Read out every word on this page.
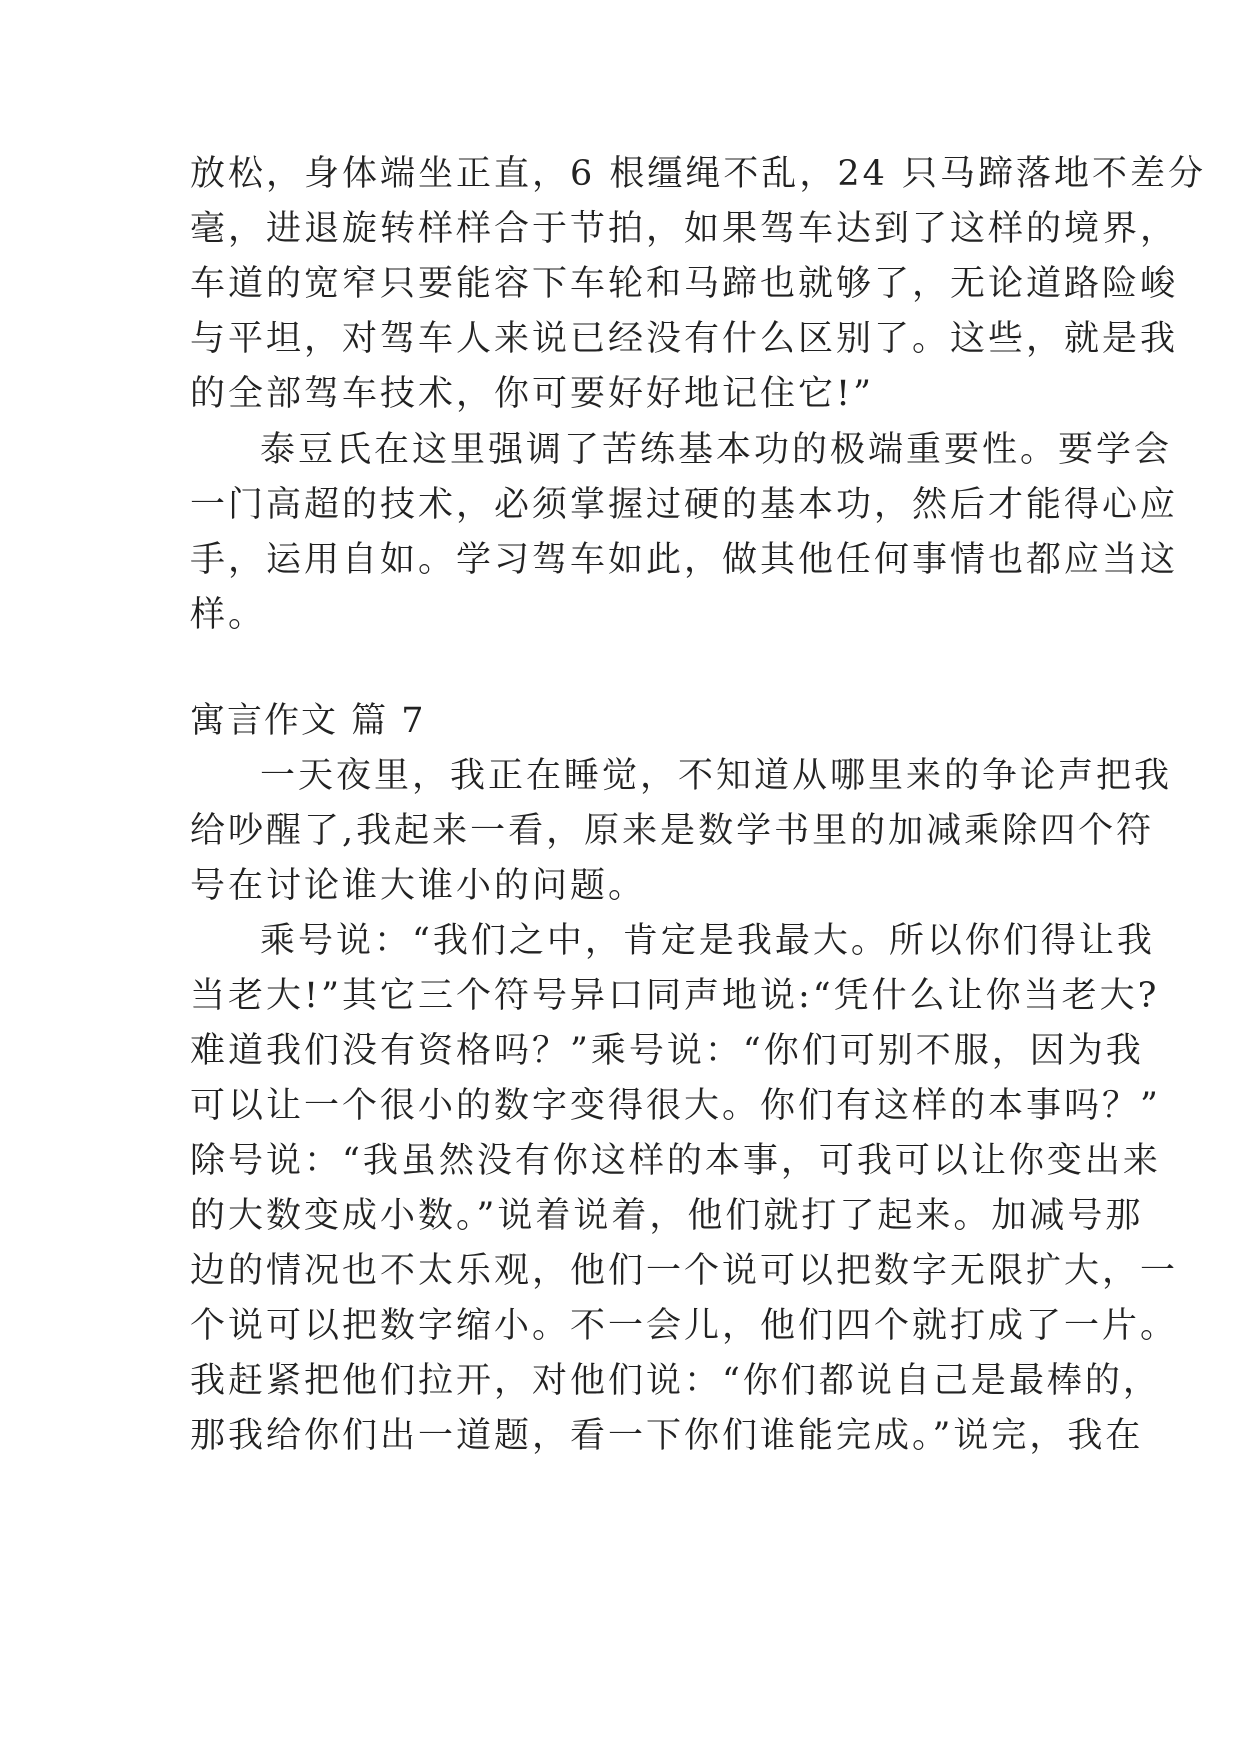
放松，身体端坐正直，6 根缰绳不乱，24 只马蹄落地不差分
毫，进退旋转样样合于节拍，如果驾车达到了这样的境界，
车道的宽窄只要能容下车轮和马蹄也就够了，无论道路险峻
与平坦，对驾车人来说已经没有什么区别了。这些，就是我
的全部驾车技术，你可要好好地记住它!”
泰豆氏在这里强调了苦练基本功的极端重要性。要学会
一门高超的技术，必须掌握过硬的基本功，然后才能得心应
手，运用自如。学习驾车如此，做其他任何事情也都应当这
样。
寓言作文 篇 7
一天夜里，我正在睡觉，不知道从哪里来的争论声把我
给吵醒了,我起来一看，原来是数学书里的加减乘除四个符
号在讨论谁大谁小的问题。
乘号说：“我们之中，肯定是我最大。所以你们得让我
当老大!”其它三个符号异口同声地说:“凭什么让你当老大?
难道我们没有资格吗？”乘号说：“你们可别不服，因为我
可以让一个很小的数字变得很大。你们有这样的本事吗？”
除号说：“我虽然没有你这样的本事，可我可以让你变出来
的大数变成小数。”说着说着，他们就打了起来。加减号那
边的情况也不太乐观，他们一个说可以把数字无限扩大，一
个说可以把数字缩小。不一会儿，他们四个就打成了一片。
我赶紧把他们拉开，对他们说：“你们都说自己是最棒的，
那我给你们出一道题，看一下你们谁能完成。”说完，我在
